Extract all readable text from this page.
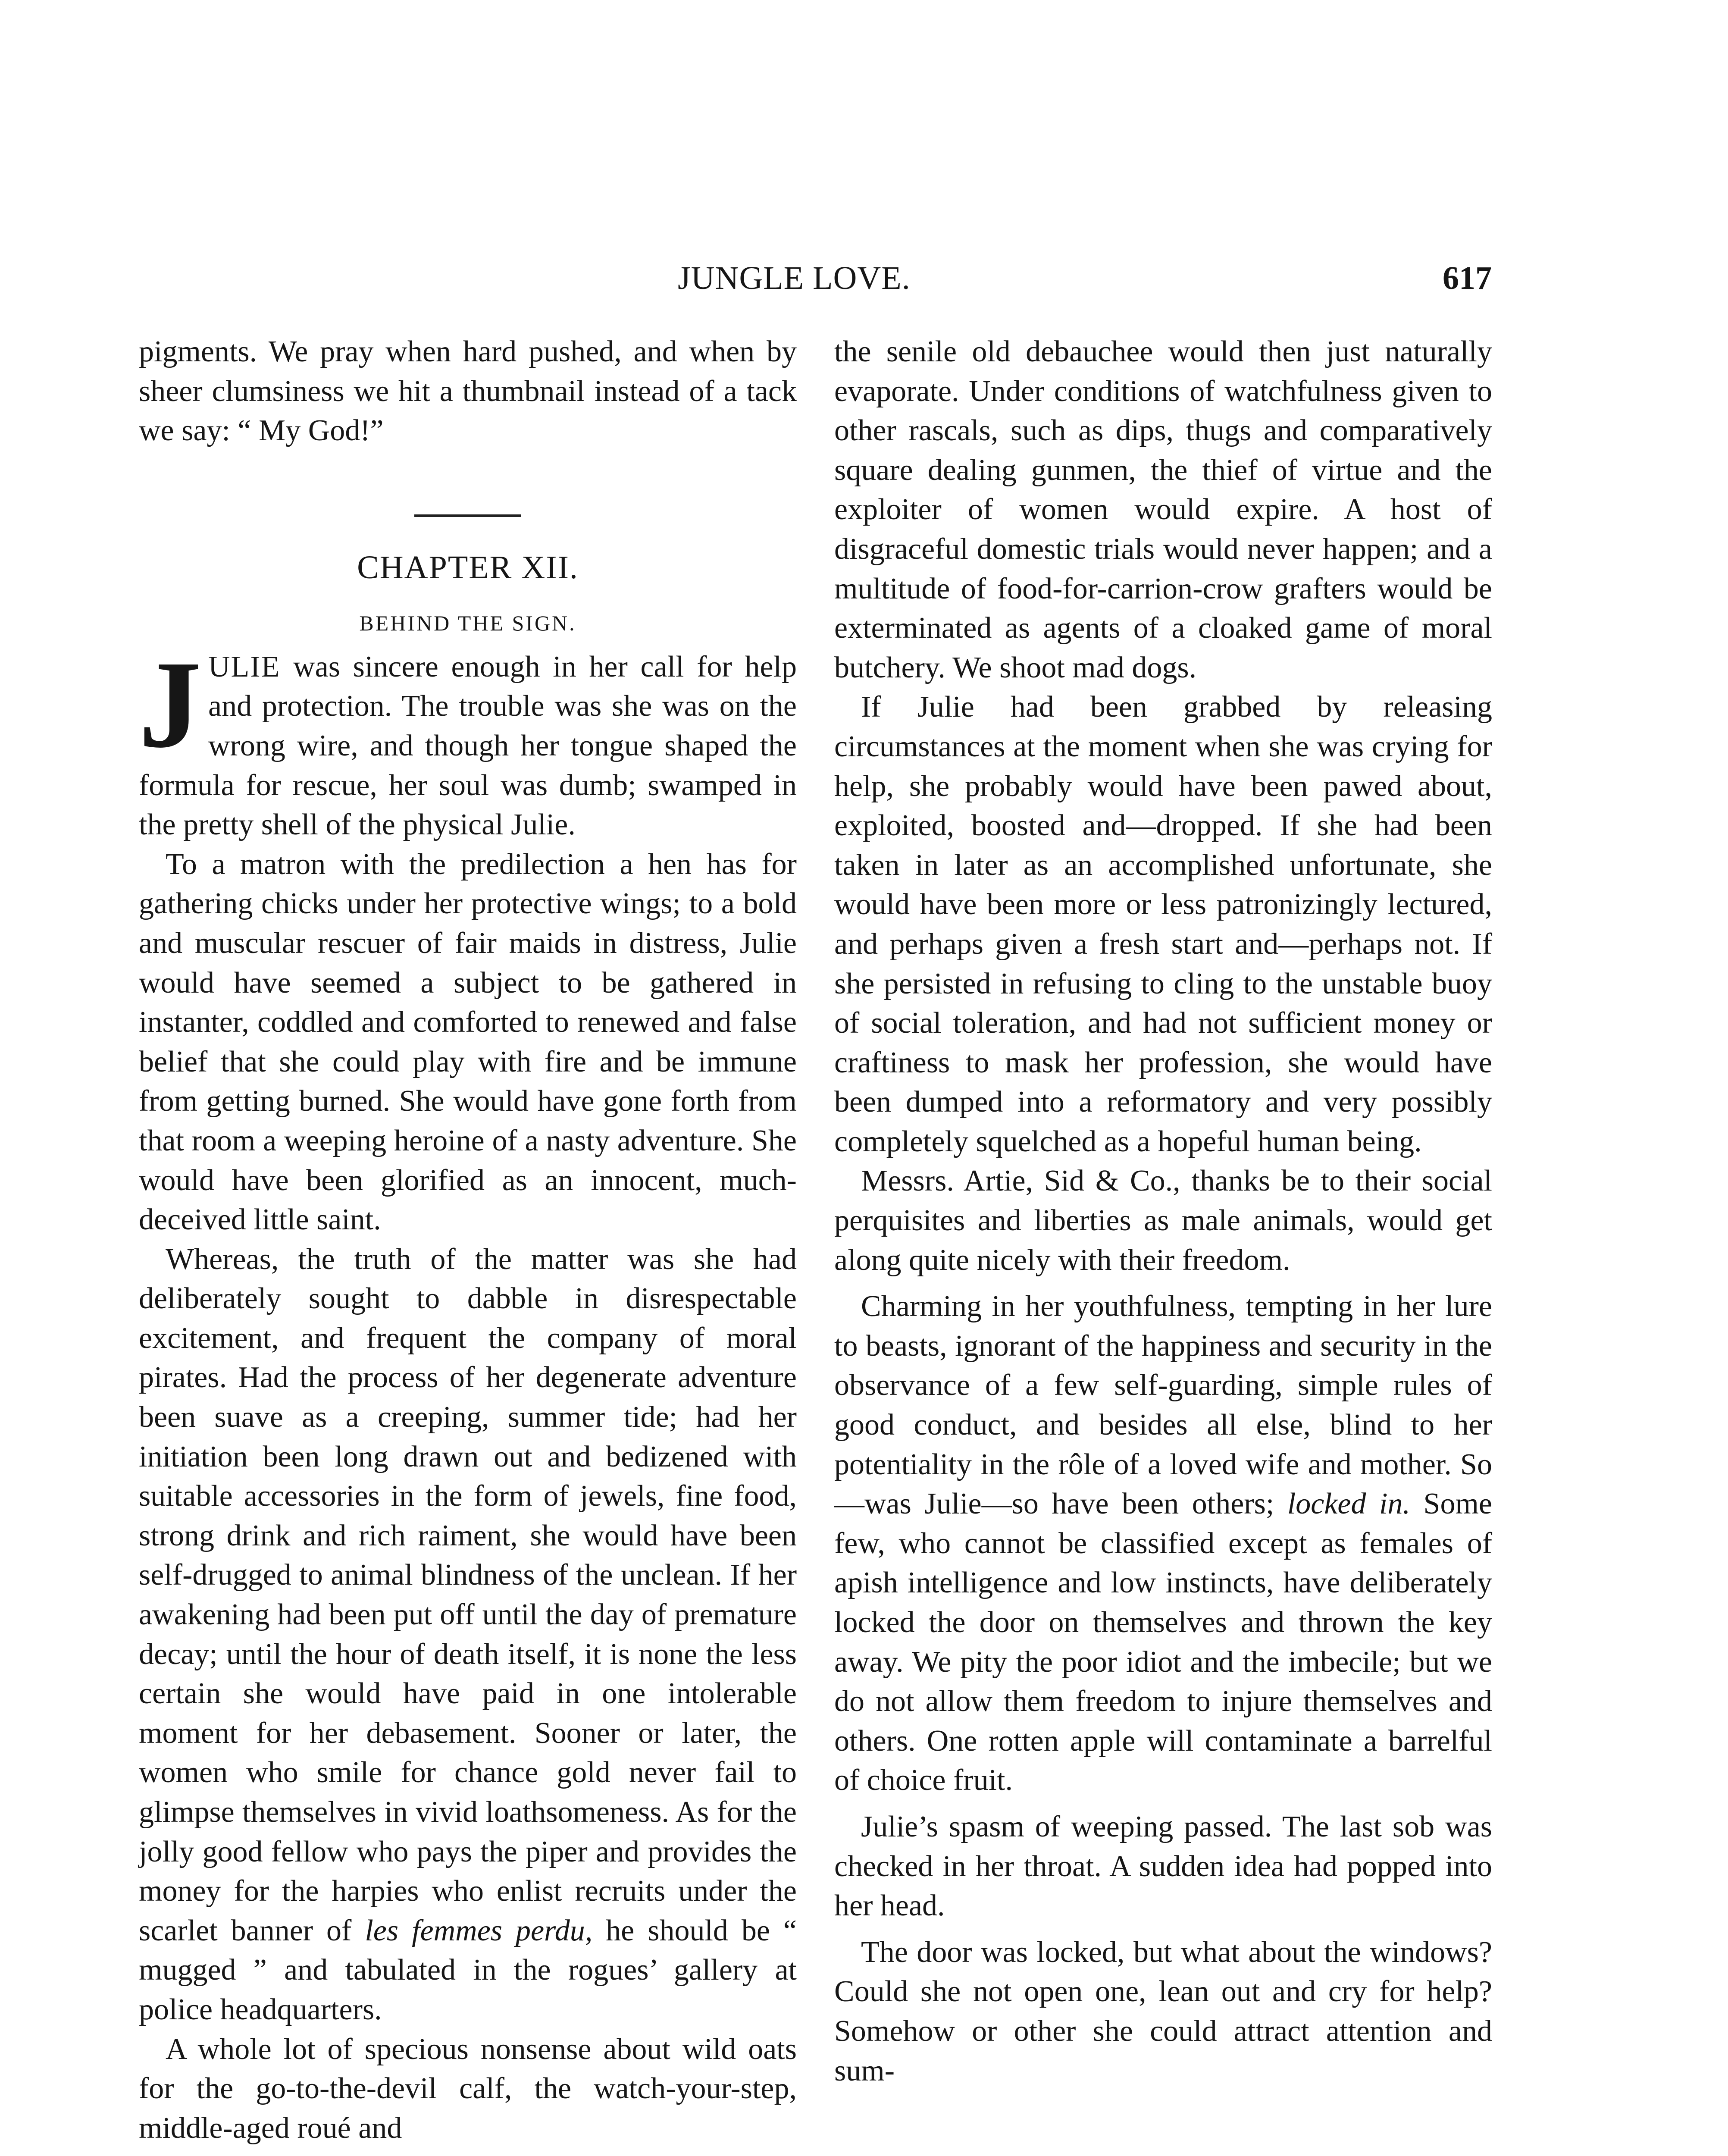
JUNGLE LOVE.	617

pigments. We pray when hard pushed, and when by sheer clumsiness we hit a thumbnail instead of a tack we say: “ My God!”

CHAPTER XII.
BEHIND THE SIGN.

JULIE was sincere enough in her call for help and protection. The trouble was she was on the wrong wire, and though her tongue shaped the formula for rescue, her soul was dumb; swamped in the pretty shell of the physical Julie.

To a matron with the predilection a hen has for gathering chicks under her protective wings; to a bold and muscular rescuer of fair maids in distress, Julie would have seemed a subject to be gathered in instanter, coddled and comforted to renewed and false belief that she could play with fire and be immune from getting burned. She would have gone forth from that room a weeping heroine of a nasty adventure. She would have been glorified as an innocent, much-deceived little saint.

Whereas, the truth of the matter was she had deliberately sought to dabble in disrespectable excitement, and frequent the company of moral pirates. Had the process of her degenerate adventure been suave as a creeping, summer tide; had her initiation been long drawn out and bedizened with suitable accessories in the form of jewels, fine food, strong drink and rich raiment, she would have been self-drugged to animal blindness of the unclean. If her awakening had been put off until the day of premature decay; until the hour of death itself, it is none the less certain she would have paid in one intolerable moment for her debasement. Sooner or later, the women who smile for chance gold never fail to glimpse themselves in vivid loathsomeness. As for the jolly good fellow who pays the piper and provides the money for the harpies who enlist recruits under the scarlet banner of les femmes perdu, he should be “ mugged ” and tabulated in the rogues’ gallery at police headquarters.

A whole lot of specious nonsense about wild oats for the go-to-the-devil calf, the watch-your-step, middle-aged roué and

the senile old debauchee would then just naturally evaporate. Under conditions of watchfulness given to other rascals, such as dips, thugs and comparatively square dealing gunmen, the thief of virtue and the exploiter of women would expire. A host of disgraceful domestic trials would never happen; and a multitude of food-for-carrion-crow grafters would be exterminated as agents of a cloaked game of moral butchery. We shoot mad dogs.

If Julie had been grabbed by releasing circumstances at the moment when she was crying for help, she probably would have been pawed about, exploited, boosted and—dropped. If she had been taken in later as an accomplished unfortunate, she would have been more or less patronizingly lectured, and perhaps given a fresh start and—perhaps not. If she persisted in refusing to cling to the unstable buoy of social toleration, and had not sufficient money or craftiness to mask her profession, she would have been dumped into a reformatory and very possibly completely squelched as a hopeful human being.

Messrs. Artie, Sid & Co., thanks be to their social perquisites and liberties as male animals, would get along quite nicely with their freedom.

Charming in her youthfulness, tempting in her lure to beasts, ignorant of the happiness and security in the observance of a few self-guarding, simple rules of good conduct, and besides all else, blind to her potentiality in the rôle of a loved wife and mother. So—was Julie—so have been others; locked in. Some few, who cannot be classified except as females of apish intelligence and low instincts, have deliberately locked the door on themselves and thrown the key away. We pity the poor idiot and the imbecile; but we do not allow them freedom to injure themselves and others. One rotten apple will contaminate a barrelful of choice fruit.

Julie’s spasm of weeping passed. The last sob was checked in her throat. A sudden idea had popped into her head.

The door was locked, but what about the windows? Could she not open one, lean out and cry for help? Somehow or other she could attract attention and sum-
